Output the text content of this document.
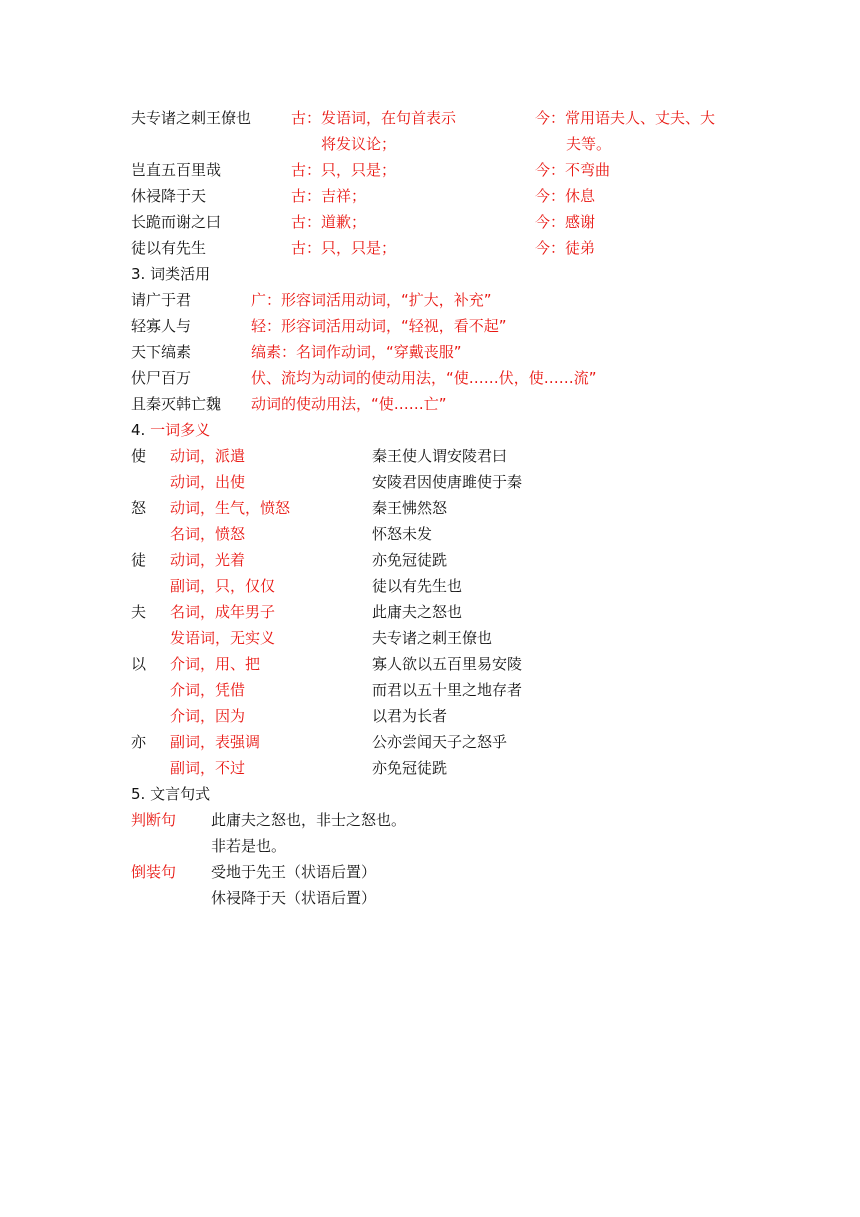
夫专诸之刺王僚也	古：发语词，在句首表示	今：常用语夫人、丈夫、大
将发议论；	夫等。
岂直五百里哉	古：只，只是；	今：不弯曲
休祲降于天	古：吉祥；	今：休息
长跪而谢之曰	古：道歉；	今：感谢
徒以有先生	古：只，只是；	今：徒弟
3. 词类活用
请广于君	广：形容词活用动词，“扩大，补充”
轻寡人与	轻：形容词活用动词，“轻视，看不起”
天下缟素	缟素：名词作动词，“穿戴丧服”
伏尸百万	伏、流均为动词的使动用法，“使……伏，使……流”
且秦灭韩亡魏 动词的使动用法，“使……亡”
4. 一词多义
使 动词，派遣	秦王使人谓安陵君曰
动词，出使	安陵君因使唐雎使于秦
怒 动词，生气，愤怒	秦王怫然怒
名词，愤怒	怀怒未发
徒 动词，光着	亦免冠徒跣
副词，只，仅仅	徒以有先生也
夫 名词，成年男子	此庸夫之怒也
发语词，无实义	夫专诸之刺王僚也
以 介词，用、把	寡人欲以五百里易安陵
介词，凭借	而君以五十里之地存者
介词，因为	以君为长者
亦 副词，表强调	公亦尝闻天子之怒乎
副词，不过	亦免冠徒跣
5. 文言句式
判断句 此庸夫之怒也，非士之怒也。
非若是也。
倒装句 受地于先王（状语后置）
休祲降于天（状语后置）
